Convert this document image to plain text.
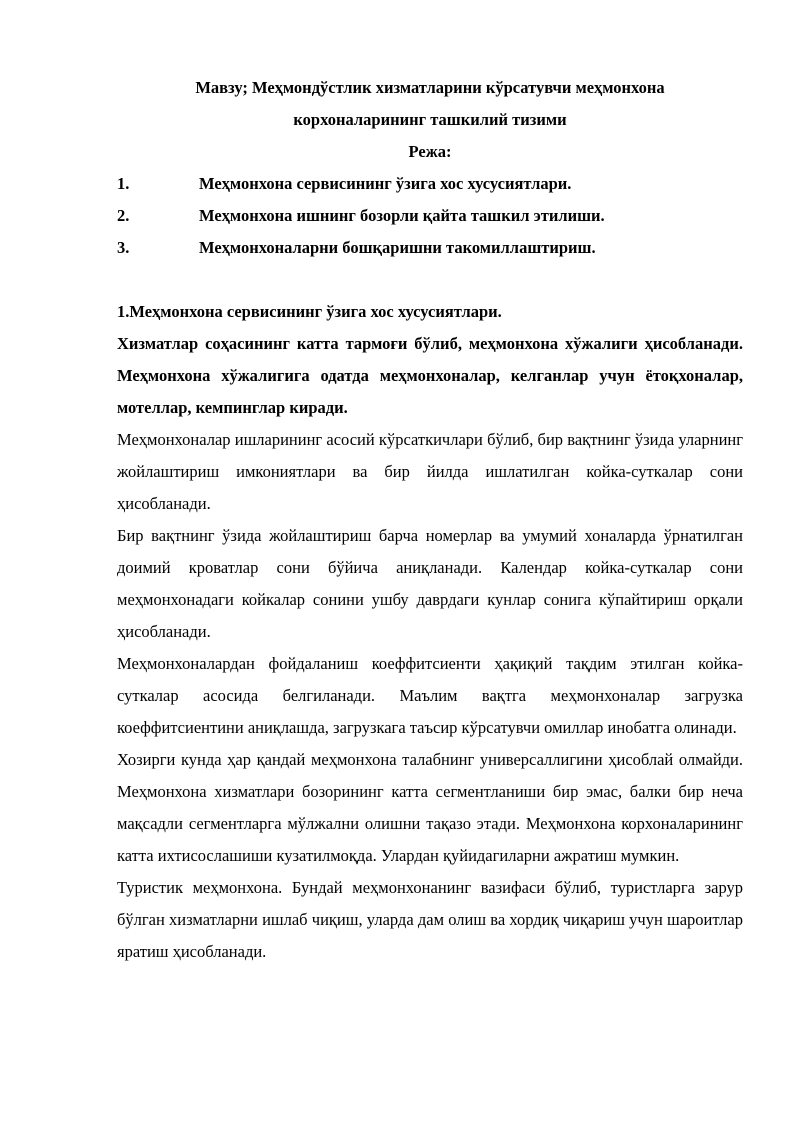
Мавзу; Меҳмондўстлик хизматларини кўрсатувчи меҳмонхона

корхоналарининг ташкилий тизими

Режа:

1.	Меҳмонхона сервисининг ўзига хос хусусиятлари.
2.	Меҳмонхона ишнинг бозорли қайта ташкил этилиши.
3.	Меҳмонхоналарни бошқаришни такомиллаштириш.

1.Меҳмонхона сервисининг ўзига хос хусусиятлари.

Хизматлар соҳасининг катта тармоғи бўлиб, меҳмонхона хўжалиги ҳисобланади. Меҳмонхона хўжалигига одатда меҳмонхоналар, келганлар учун ётоқхоналар, мотеллар, кемпинглар киради.

Меҳмонхоналар ишларининг асосий кўрсаткичлари бўлиб, бир вақтнинг ўзида уларнинг жойлаштириш имкониятлари ва бир йилда ишлатилган койка-суткалар сони ҳисобланади.

Бир вақтнинг ўзида жойлаштириш барча номерлар ва умумий хоналарда ўрнатилган доимий кроватлар сони бўйича аниқланади. Календар койка-суткалар сони меҳмонхонадаги койкалар сонини ушбу даврдаги кунлар сонига кўпайтириш орқали ҳисобланади.

Меҳмонхоналардан фойдаланиш коеффитсиенти ҳақиқий тақдим этилган койка-суткалар асосида белгиланади. Маълим вақтга меҳмонхоналар загрузка коеффитсиентини аниқлашда, загрузкага таъсир кўрсатувчи омиллар инобатга олинади.

Хозирги кунда ҳар қандай меҳмонхона талабнинг универсаллигини ҳисоблай олмайди. Меҳмонхона хизматлари бозорининг катта сегментланиши бир эмас, балки бир неча мақсадли сегментларга мўлжални олишни тақазо этади. Меҳмонхона корхоналарининг катта ихтисослашиши кузатилмоқда. Улардан қуйидагиларни ажратиш мумкин.

Туристик меҳмонхона. Бундай меҳмонхонанинг вазифаси бўлиб, туристларга зарур бўлган хизматларни ишлаб чиқиш, уларда дам олиш ва хордиқ чиқариш учун шароитлар яратиш ҳисобланади.
